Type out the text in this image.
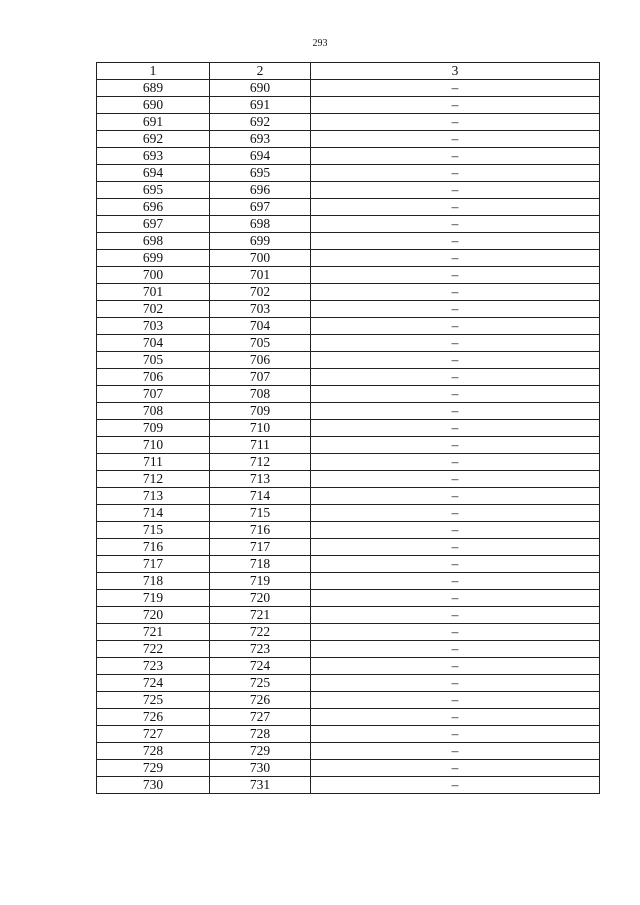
293
1	2	3
689	690	–
690	691	–
691	692	–
692	693	–
693	694	–
694	695	–
695	696	–
696	697	–
697	698	–
698	699	–
699	700	–
700	701	–
701	702	–
702	703	–
703	704	–
704	705	–
705	706	–
706	707	–
707	708	–
708	709	–
709	710	–
710	711	–
711	712	–
712	713	–
713	714	–
714	715	–
715	716	–
716	717	–
717	718	–
718	719	–
719	720	–
720	721	–
721	722	–
722	723	–
723	724	–
724	725	–
725	726	–
726	727	–
727	728	–
728	729	–
729	730	–
730	731	–
